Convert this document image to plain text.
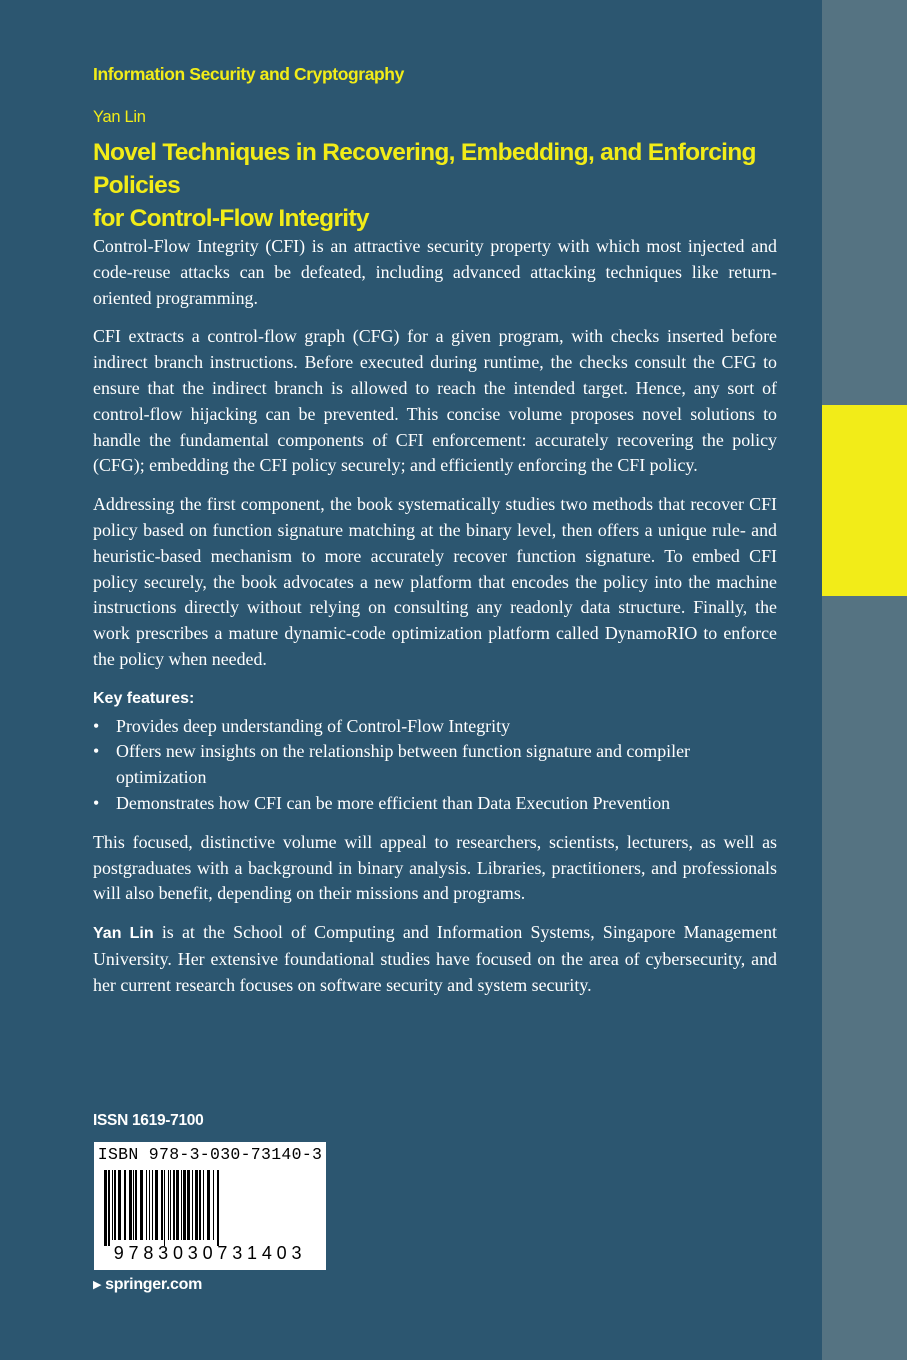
Information Security and Cryptography
Yan Lin
Novel Techniques in Recovering, Embedding, and Enforcing Policies
for Control-Flow Integrity

Control-Flow Integrity (CFI) is an attractive security property with which most injected and code-reuse attacks can be defeated, including advanced attacking techniques like return-oriented programming.

CFI extracts a control-flow graph (CFG) for a given program, with checks inserted before indirect branch instructions. Before executed during runtime, the checks consult the CFG to ensure that the indirect branch is allowed to reach the intended target. Hence, any sort of control-flow hijacking can be prevented. This concise volume proposes novel solutions to handle the fundamental components of CFI enforcement: accurately recovering the policy (CFG); embedding the CFI policy securely; and efficiently enforcing the CFI policy.

Addressing the first component, the book systematically studies two methods that recover CFI policy based on function signature matching at the binary level, then offers a unique rule- and heuristic-based mechanism to more accurately recover function signature. To embed CFI policy securely, the book advocates a new platform that encodes the policy into the machine instructions directly without relying on consulting any readonly data structure. Finally, the work prescribes a mature dynamic-code optimization platform called DynamoRIO to enforce the policy when needed.

Key features:
• Provides deep understanding of Control-Flow Integrity
• Offers new insights on the relationship between function signature and compiler optimization
• Demonstrates how CFI can be more efficient than Data Execution Prevention

This focused, distinctive volume will appeal to researchers, scientists, lecturers, as well as postgraduates with a background in binary analysis. Libraries, practitioners, and professionals will also benefit, depending on their missions and programs.

Yan Lin is at the School of Computing and Information Systems, Singapore Management University. Her extensive foundational studies have focused on the area of cybersecurity, and her current research focuses on software security and system security.

ISSN 1619-7100
ISBN 978-3-030-73140-3
9783030731403
▶ springer.com
